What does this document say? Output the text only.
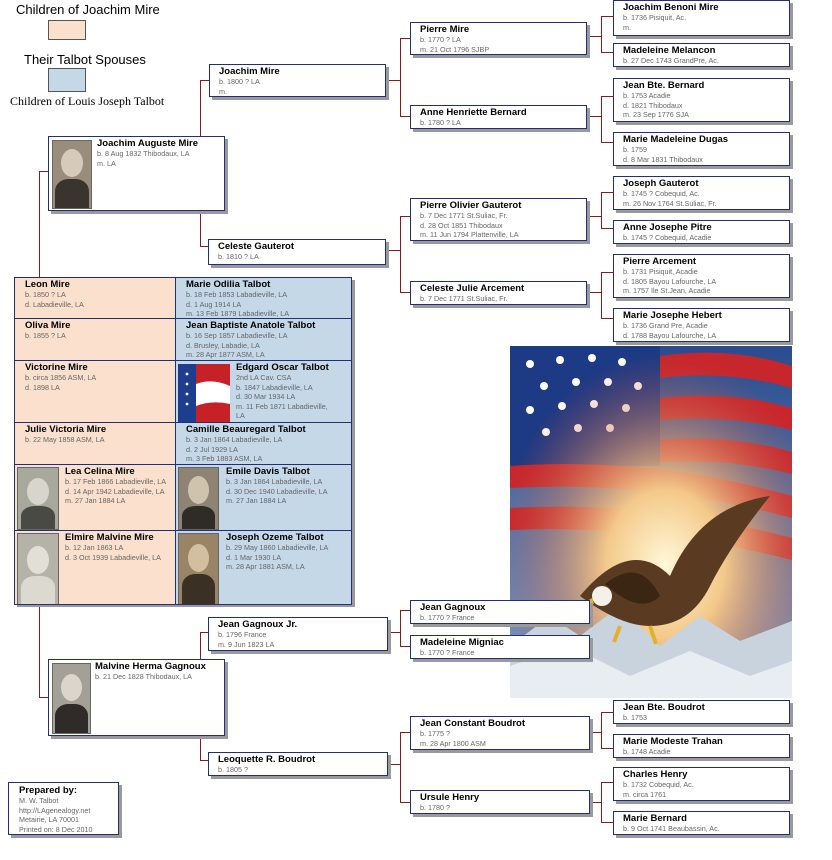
Children of Joachim Mire
Their Talbot Spouses
Children of Louis Joseph Talbot
Joachim Auguste Mire
b. 8 Aug 1832 Thibodaux, LA
m. LA
Joachim Mire
b. 1800 ? LA
m.
Celeste Gauterot
b. 1810 ? LA
Pierre Mire
b. 1770 ? LA
m. 21 Oct 1796 SJBP
Anne Henriette Bernard
b. 1780 ? LA
Pierre Olivier Gauterot
b. 7 Dec 1771 St.Suliac, Fr.
d. 28 Oct 1851 Thibodaux
m. 11 Jun 1794 Plattenville, LA
Celeste Julie Arcement
b. 7 Dec 1771 St.Suliac, Fr.
Joachim Benoni Mire
b. 1736 Pisiquit, Ac.
m.
Madeleine Melancon
b. 27 Dec 1743 GrandPre, Ac.
Jean Bte. Bernard
b. 1753 Acadie
d. 1821 Thibodaux
m. 23 Sep 1776 SJA
Marie Madeleine Dugas
b. 1759
d. 8 Mar 1831 Thibodaux
Joseph Gauterot
b. 1745 ? Cobequid, Ac.
m. 26 Nov 1764 St.Suliac, Fr.
Anne Josephe Pitre
b. 1745 ? Cobequid, Acadie
Pierre Arcement
b. 1731 Pisiquit, Acadie
d. 1805 Bayou Lafourche, LA
m. 1757 Ile St.Jean, Acadie
Marie Josephe Hebert
b. 1736 Grand Pre, Acadie
d. 1788 Bayou Lafourche, LA
Leon Mire
b. 1850 ? LA
d. Labadieville, LA
Marie Odilia Talbot
b. 18 Feb 1853 Labadieville, LA
d. 1 Aug 1914 LA
m. 13 Feb 1879 Labadieville, LA
Oliva Mire
b. 1855 ? LA
Jean Baptiste Anatole Talbot
b. 16 Sep 1857 Labadieville, LA
d. Brusley, Labadie, LA
m. 28 Apr 1877 ASM, LA
Victorine Mire
b. circa 1856 ASM, LA
d. 1898 LA
Edgard Oscar Talbot
2nd LA Cav. CSA
b. 1847 Labadieville, LA
d. 30 Mar 1934 LA
m. 11 Feb 1871 Labadieville,
LA
Julie Victoria Mire
b. 22 May 1858 ASM, LA
Camille Beauregard Talbot
b. 3 Jan 1864 Labadieville, LA
d. 2 Jul 1929 LA
m. 3 Feb 1883 ASM, LA
Lea Celina Mire
b. 17 Feb 1866 Labadieville, LA
d. 14 Apr 1942 Labadieville, LA
m. 27 Jan 1884 LA
Emile Davis Talbot
b. 3 Jan 1864 Labadieville, LA
d. 30 Dec 1940 Labadieville, LA
m. 27 Jan 1884 LA
Elmire Malvine Mire
b. 12 Jan 1863 LA
d. 3 Oct 1939 Labadieville, LA
Joseph Ozeme Talbot
b. 29 May 1860 Labadieville, LA
d. 1 Mar 1930 LA
m. 28 Apr 1881 ASM, LA
Malvine Herma Gagnoux
b. 21 Dec 1828 Thibodaux, LA
Jean Gagnoux Jr.
b. 1796 France
m. 9 Jun 1823 LA
Leoquette R. Boudrot
b. 1805 ?
Jean Gagnoux
b. 1770 ? France
Madeleine Migniac
b. 1770 ? France
Jean Constant Boudrot
b. 1775 ?
m. 28 Apr 1800 ASM
Ursule Henry
b. 1780 ?
Jean Bte. Boudrot
b. 1753
Marie Modeste Trahan
b. 1748 Acadie
Charles Henry
b. 1732 Cobequid, Ac.
m. circa 1761
Marie Bernard
b. 9 Oct 1741 Beaubassin, Ac.
Prepared by:
M. W. Talbot
http://LAgenealogy.net
Metairie, LA 70001
Printed on: 8 Dec 2010
